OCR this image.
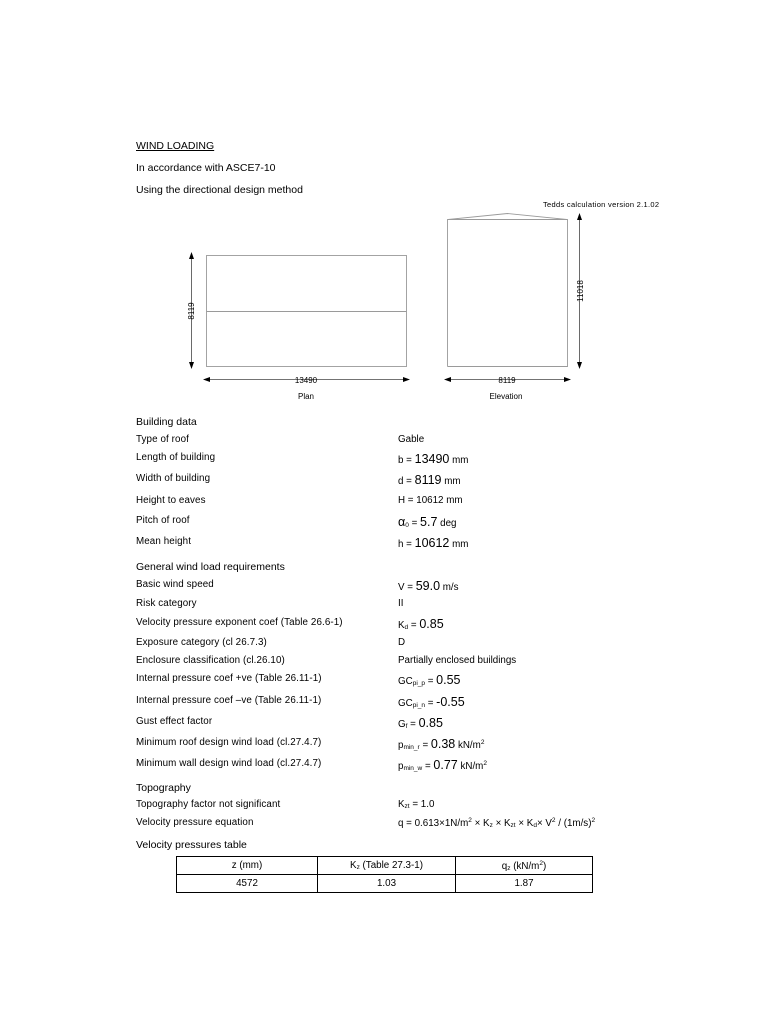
WIND LOADING
In accordance with ASCE7-10
Using the directional design method
Tedds calculation version 2.1.02
8119
13490
Plan
11018
8119
Elevation
Building data
Type of roof	Gable
Length of building	b = 13490 mm
Width of building	d = 8119 mm
Height to eaves	H = 10612 mm
Pitch of roof	$\alpha_0 = 5.7$ deg
Mean height	h = 10612 mm
General wind load requirements
Basic wind speed	V = 59.0 m/s
Risk category	II
Velocity pressure exponent coef (Table 26.6-1)	$K_d = 0.85$
Exposure category (cl 26.7.3)	D
Enclosure classification (cl.26.10)	Partially enclosed buildings
Internal pressure coef +ve (Table 26.11-1)	$GC_{pi\_p} = 0.55$
Internal pressure coef –ve (Table 26.11-1)	$GC_{pi\_n} = -0.55$
Gust effect factor	$G_f = 0.85$
Minimum roof design wind load (cl.27.4.7)	$p_{min\_r} = 0.38$ $kN/m^2$
Minimum wall design wind load (cl.27.4.7)	$p_{min\_w} = 0.77$ $kN/m^2$
Topography
Topography factor not significant	$K_{zt} = 1.0$
Velocity pressure equation	$q = 0.613\times 1N/m^2 \times K_z \times K_{zt} \times K_d\times V^2 / (1m/s)^2$
Velocity pressures table
z (mm)	$K_z$ (Table 27.3-1)	$q_z$ $(kN/m^2)$
4572	1.03	1.87
